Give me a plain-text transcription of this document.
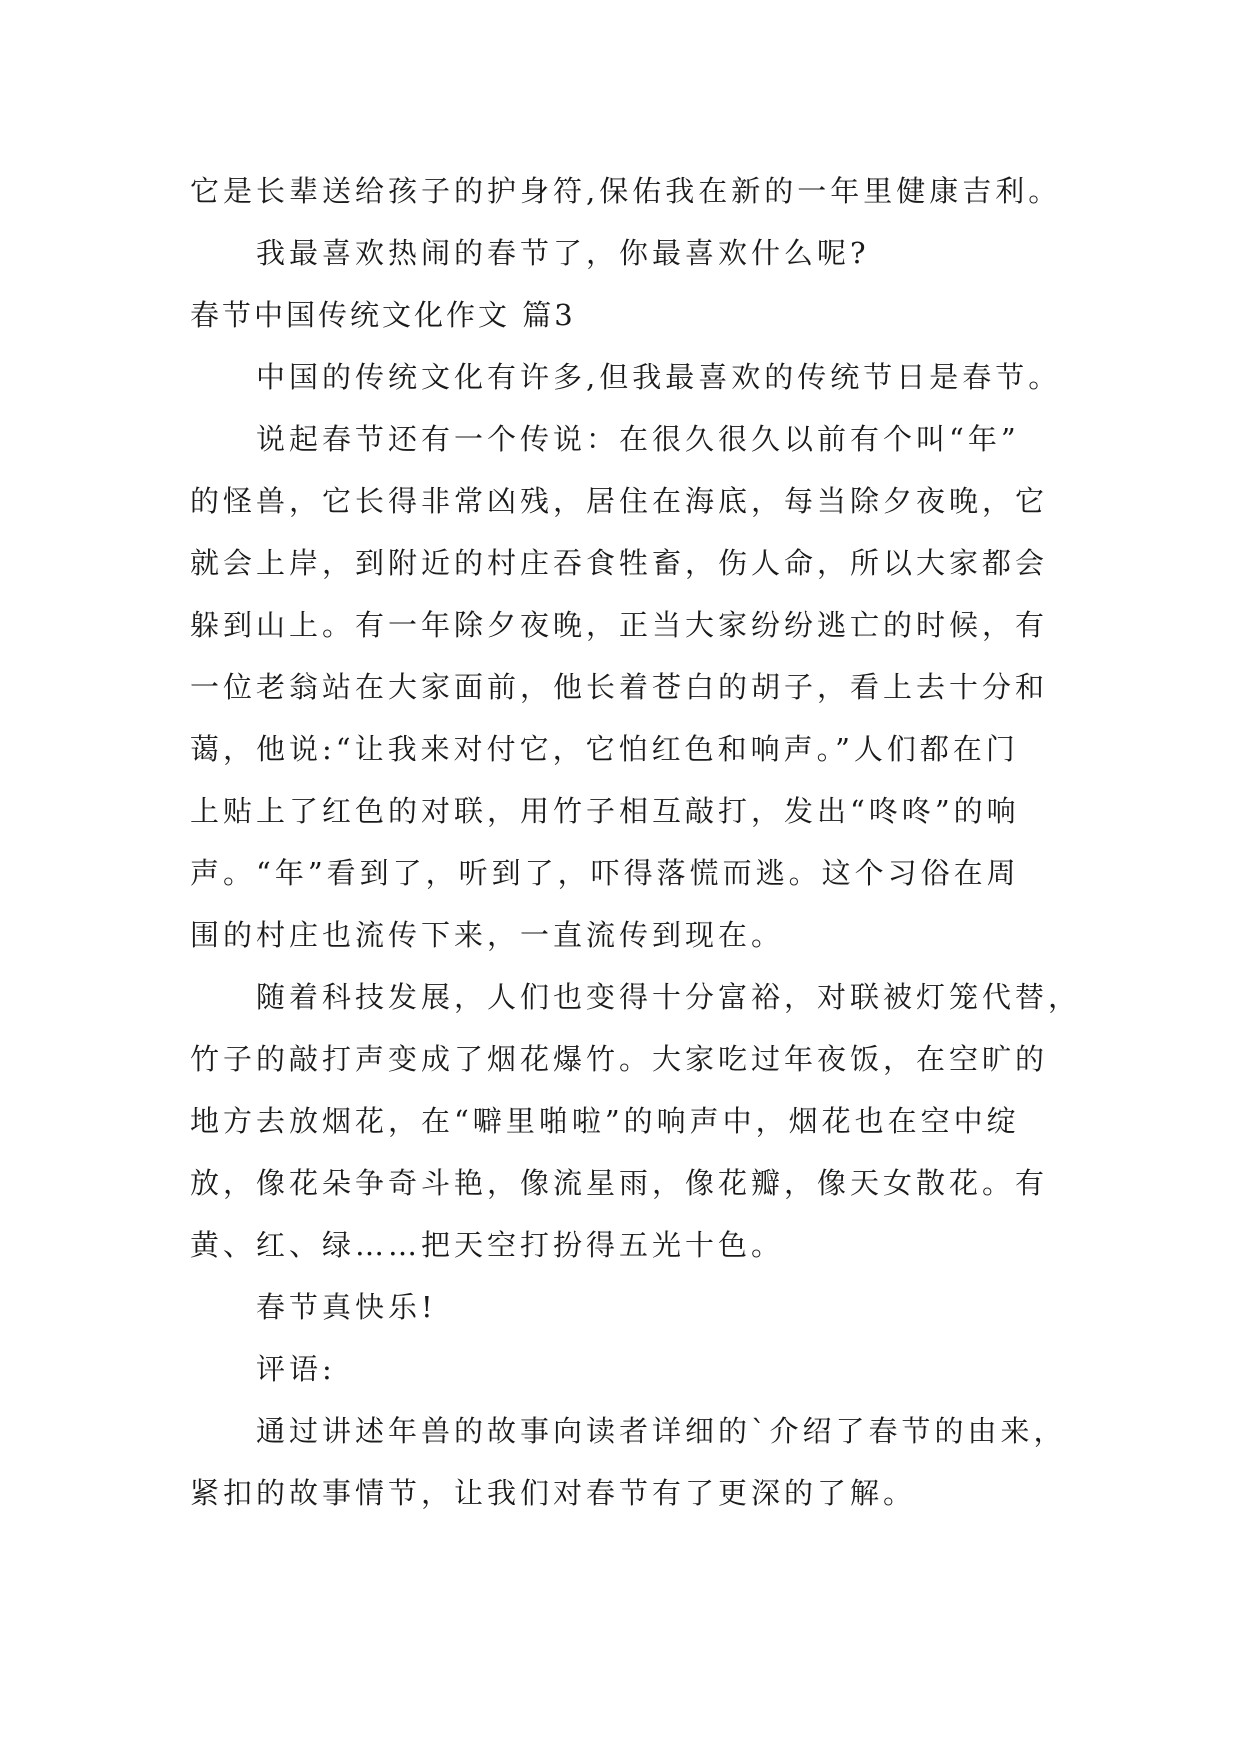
它是长辈送给孩子的护身符,保佑我在新的一年里健康吉利。
我最喜欢热闹的春节了，你最喜欢什么呢?
春节中国传统文化作文 篇3
中国的传统文化有许多,但我最喜欢的传统节日是春节。
说起春节还有一个传说：在很久很久以前有个叫“年”
的怪兽，它长得非常凶残，居住在海底，每当除夕夜晚，它
就会上岸，到附近的村庄吞食牲畜，伤人命，所以大家都会
躲到山上。有一年除夕夜晚，正当大家纷纷逃亡的时候，有
一位老翁站在大家面前，他长着苍白的胡子，看上去十分和
蔼，他说:“让我来对付它，它怕红色和响声。”人们都在门
上贴上了红色的对联，用竹子相互敲打，发出“咚咚”的响
声。“年”看到了，听到了，吓得落慌而逃。这个习俗在周
围的村庄也流传下来，一直流传到现在。
随着科技发展，人们也变得十分富裕，对联被灯笼代替，
竹子的敲打声变成了烟花爆竹。大家吃过年夜饭，在空旷的
地方去放烟花，在“噼里啪啦”的响声中，烟花也在空中绽
放，像花朵争奇斗艳，像流星雨，像花瓣，像天女散花。有
黄、红、绿……把天空打扮得五光十色。
春节真快乐!
评语:
通过讲述年兽的故事向读者详细的`介绍了春节的由来，
紧扣的故事情节，让我们对春节有了更深的了解。
